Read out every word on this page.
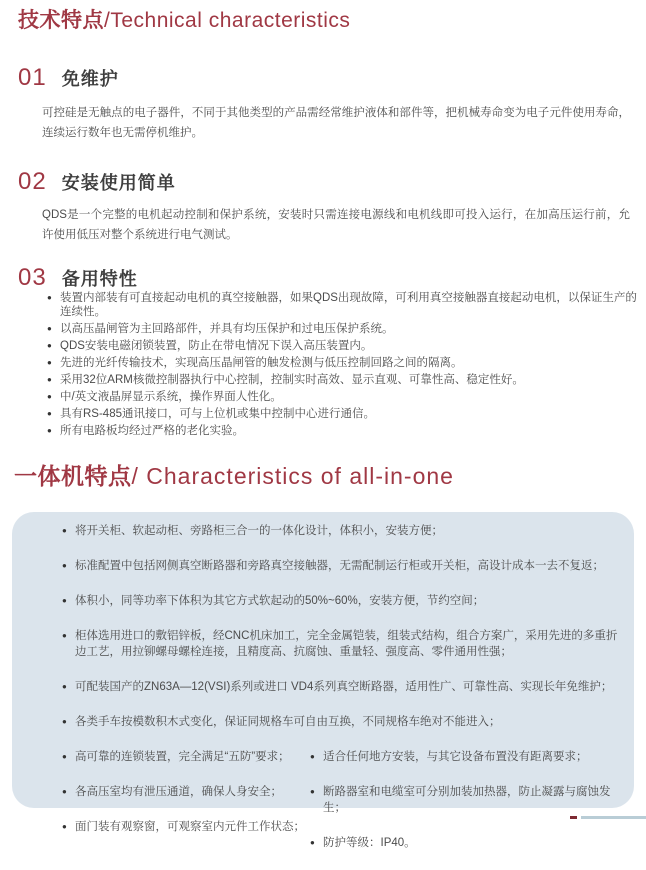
技术特点/Technical characteristics
01 免维护

可控硅是无触点的电子器件，不同于其他类型的产品需经常维护液体和部件等，把机械寿命变为电子元件使用寿命，连续运行数年也无需停机维护。

02 安装使用简单

QDS是一个完整的电机起动控制和保护系统，安装时只需连接电源线和电机线即可投入运行，在加高压运行前，允许使用低压对整个系统进行电气测试。

03 备用特性
● 装置内部装有可直接起动电机的真空接触器，如果QDS出现故障，可利用真空接触器直接起动电机，以保证生产的连续性。
● 以高压晶闸管为主回路部件，并具有均压保护和过电压保护系统。
● QDS安装电磁闭锁装置，防止在带电情况下误入高压装置内。
● 先进的光纤传输技术，实现高压晶闸管的触发检测与低压控制回路之间的隔离。
● 采用32位ARM核微控制器执行中心控制，控制实时高效、显示直观、可靠性高、稳定性好。
● 中/英文液晶屏显示系统，操作界面人性化。
● 具有RS-485通讯接口，可与上位机或集中控制中心进行通信。
● 所有电路板均经过严格的老化实验。
一体机特点/ Characteristics of all-in-one
● 将开关柜、软起动柜、旁路柜三合一的一体化设计，体积小，安装方便；
● 标准配置中包括网侧真空断路器和旁路真空接触器，无需配制运行柜或开关柜，高设计成本一去不复返；
● 体积小，同等功率下体积为其它方式软起动的50%~60%，安装方便，节约空间；
● 柜体选用进口的敷铝锌板，经CNC机床加工，完全金属铠装，组装式结构，组合方案广，采用先进的多重折边工艺，用拉铆螺母螺栓连接，且精度高、抗腐蚀、重量轻、强度高、零件通用性强；
● 可配装国产的ZN63A—12(VSI)系列或进口 VD4系列真空断路器，适用性广、可靠性高、实现长年免维护；
● 各类手车按模数积木式变化，保证同规格车可自由互换，不同规格车绝对不能进入；
● 高可靠的连锁装置，完全满足“五防”要求；
● 各高压室均有泄压通道，确保人身安全；
● 面门装有观察窗，可观察室内元件工作状态；
● 适合任何地方安装，与其它设备布置没有距离要求；
● 断路器室和电缆室可分别加装加热器，防止凝露与腐蚀发生；
● 防护等级：IP40。
